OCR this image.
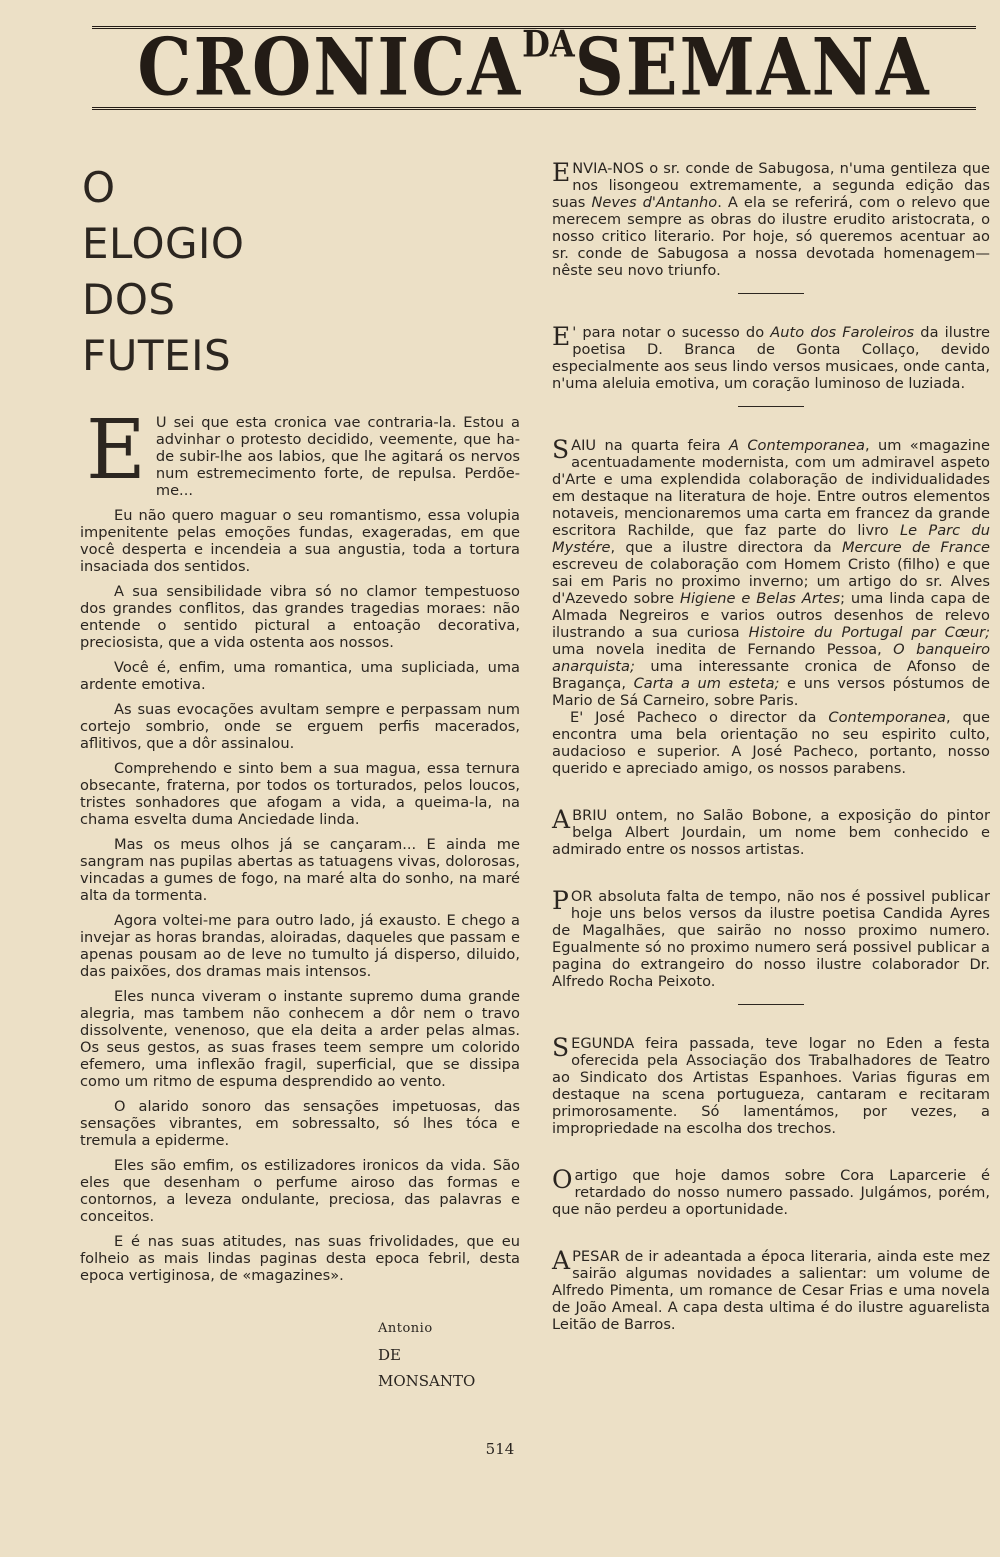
$CRONICA^{DA}SEMANA$
O
ELOGIO
DOS
FUTEIS

E U sei que esta cronica vae contraria-la. Estou a advinhar o protesto decidido, veemente, que ha-de subir-lhe aos labios, que lhe agitará os nervos num estremecimento forte, de repulsa. Perdõe-me...

Eu não quero maguar o seu romantismo, essa volupia impenitente pelas emoções fundas, exageradas, em que você desperta e incendeia a sua angustia, toda a tortura insaciada dos sentidos.

A sua sensibilidade vibra só no clamor tempestuoso dos grandes conflitos, das grandes tragedias moraes: não entende o sentido pictural a entoação decorativa, preciosista, que a vida ostenta aos nossos.

Você é, enfim, uma romantica, uma supliciada, uma ardente emotiva.

As suas evocações avultam sempre e perpassam num cortejo sombrio, onde se erguem perfis macerados, aflitivos, que a dôr assinalou.

Comprehendo e sinto bem a sua magua, essa ternura obsecante, fraterna, por todos os torturados, pelos loucos, tristes sonhadores que afogam a vida, a queima-la, na chama esvelta duma Anciedade linda.

Mas os meus olhos já se cançaram... E ainda me sangram nas pupilas abertas as tatuagens vivas, dolorosas, vincadas a gumes de fogo, na maré alta do sonho, na maré alta da tormenta.

Agora voltei-me para outro lado, já exausto. E chego a invejar as horas brandas, aloiradas, daqueles que passam e apenas pousam ao de leve no tumulto já disperso, diluido, das paixões, dos dramas mais intensos.

Eles nunca viveram o instante supremo duma grande alegria, mas tambem não conhecem a dôr nem o travo dissolvente, venenoso, que ela deita a arder pelas almas. Os seus gestos, as suas frases teem sempre um colorido efemero, uma inflexão fragil, superficial, que se dissipa como um ritmo de espuma desprendido ao vento.

O alarido sonoro das sensações impetuosas, das sensações vibrantes, em sobressalto, só lhes tóca e tremula a epiderme.

Eles são emfim, os estilizadores ironicos da vida. São eles que desenham o perfume airoso das formas e contornos, a leveza ondulante, preciosa, das palavras e conceitos.

E é nas suas atitudes, nas suas frivolidades, que eu folheio as mais lindas paginas desta epoca febril, desta epoca vertiginosa, de «magazines».

Antonio
DE
MONSANTO

ENVIA-NOS o sr. conde de Sabugosa, n'uma gentileza que nos lisongeou extremamente, a segunda edição das suas Neves d'Antanho. A ela se referirá, com o relevo que merecem sempre as obras do ilustre erudito aristocrata, o nosso critico literario. Por hoje, só queremos acentuar ao sr. conde de Sabugosa a nossa devotada homenagem—nêste seu novo triunfo.

E ' para notar o sucesso do Auto dos Faroleiros da ilustre poetisa D. Branca de Gonta Collaço, devido especialmente aos seus lindo versos musicaes, onde canta, n'uma aleluia emotiva, um coração luminoso de luziada.

SAIU na quarta feira A Contemporanea, um «magazine acentuadamente modernista, com um admiravel aspeto d'Arte e uma explendida colaboração de individualidades em destaque na literatura de hoje. Entre outros elementos notaveis, mencionaremos uma carta em francez da grande escritora Rachilde, que faz parte do livro Le Parc du Mystére, que a ilustre directora da Mercure de France escreveu de colaboração com Homem Cristo (filho) e que sai em Paris no proximo inverno; um artigo do sr. Alves d'Azevedo sobre Higiene e Belas Artes; uma linda capa de Almada Negreiros e varios outros desenhos de relevo ilustrando a sua curiosa Histoire du Portugal par Cœur; uma novela inedita de Fernando Pessoa, O banqueiro anarquista; uma interessante cronica de Afonso de Bragança, Carta a um esteta; e uns versos póstumos de Mario de Sá Carneiro, sobre Paris.

E' José Pacheco o director da Contemporanea, que encontra uma bela orientação no seu espirito culto, audacioso e superior. A José Pacheco, portanto, nosso querido e apreciado amigo, os nossos parabens.

ABRIU ontem, no Salão Bobone, a exposição do pintor belga Albert Jourdain, um nome bem conhecido e admirado entre os nossos artistas.

POR absoluta falta de tempo, não nos é possivel publicar hoje uns belos versos da ilustre poetisa Candida Ayres de Magalhães, que sairão no nosso proximo numero. Egualmente só no proximo numero será possivel publicar a pagina do extrangeiro do nosso ilustre colaborador Dr. Alfredo Rocha Peixoto.

SEGUNDA feira passada, teve logar no Eden a festa oferecida pela Associação dos Trabalhadores de Teatro ao Sindicato dos Artistas Espanhoes. Varias figuras em destaque na scena portugueza, cantaram e recitaram primorosamente. Só lamentámos, por vezes, a impropriedade na escolha dos trechos.

O artigo que hoje damos sobre Cora Laparcerie é retardado do nosso numero passado. Julgámos, porém, que não perdeu a oportunidade.

APESAR de ir adeantada a época literaria, ainda este mez sairão algumas novidades a salientar: um volume de Alfredo Pimenta, um romance de Cesar Frias e uma novela de João Ameal. A capa desta ultima é do ilustre aguarelista Leitão de Barros.

514
